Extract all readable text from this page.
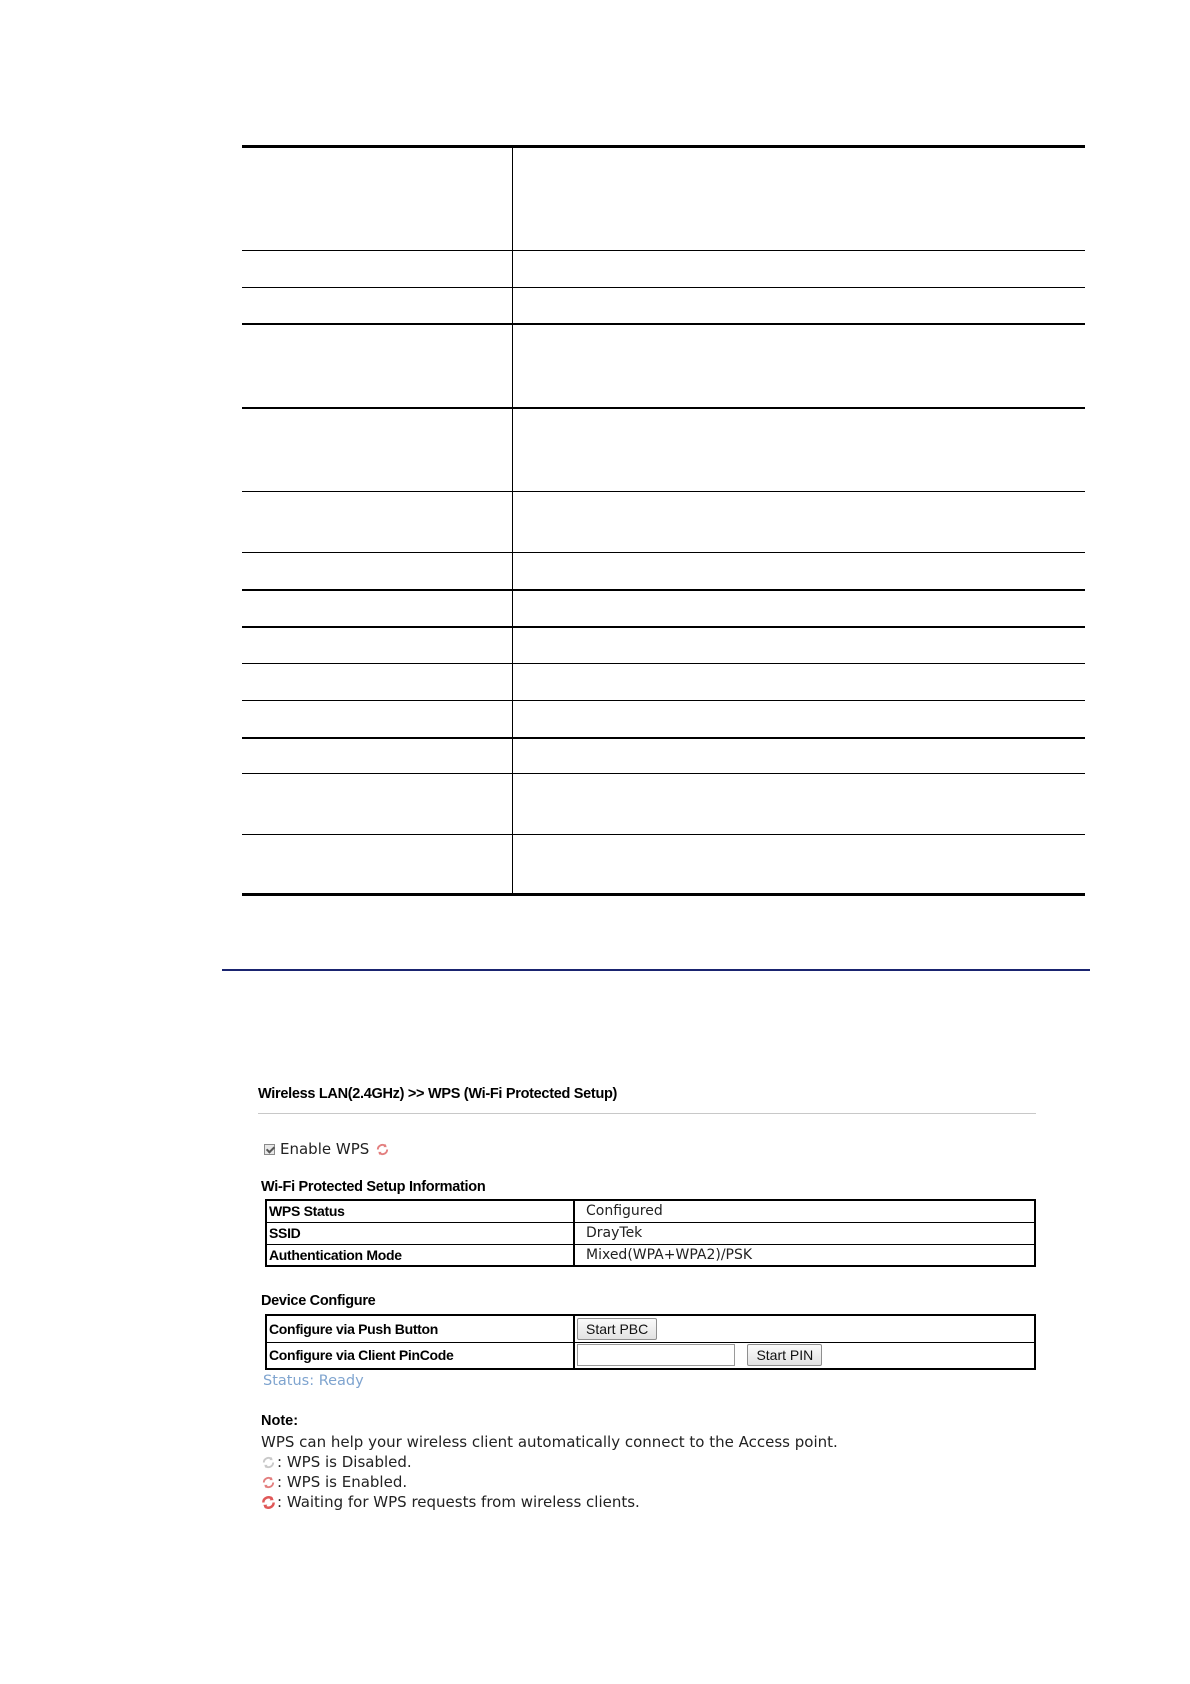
Wireless LAN(2.4GHz) >> WPS (Wi-Fi Protected Setup)
Enable WPS
Wi-Fi Protected Setup Information
WPS Status	Configured
SSID	DrayTek
Authentication Mode	Mixed(WPA+WPA2)/PSK
Device Configure
Configure via Push Button	Start PBC
Configure via Client PinCode	Start PIN
Status: Ready
Note:
WPS can help your wireless client automatically connect to the Access point.
: WPS is Disabled.
: WPS is Enabled.
: Waiting for WPS requests from wireless clients.
